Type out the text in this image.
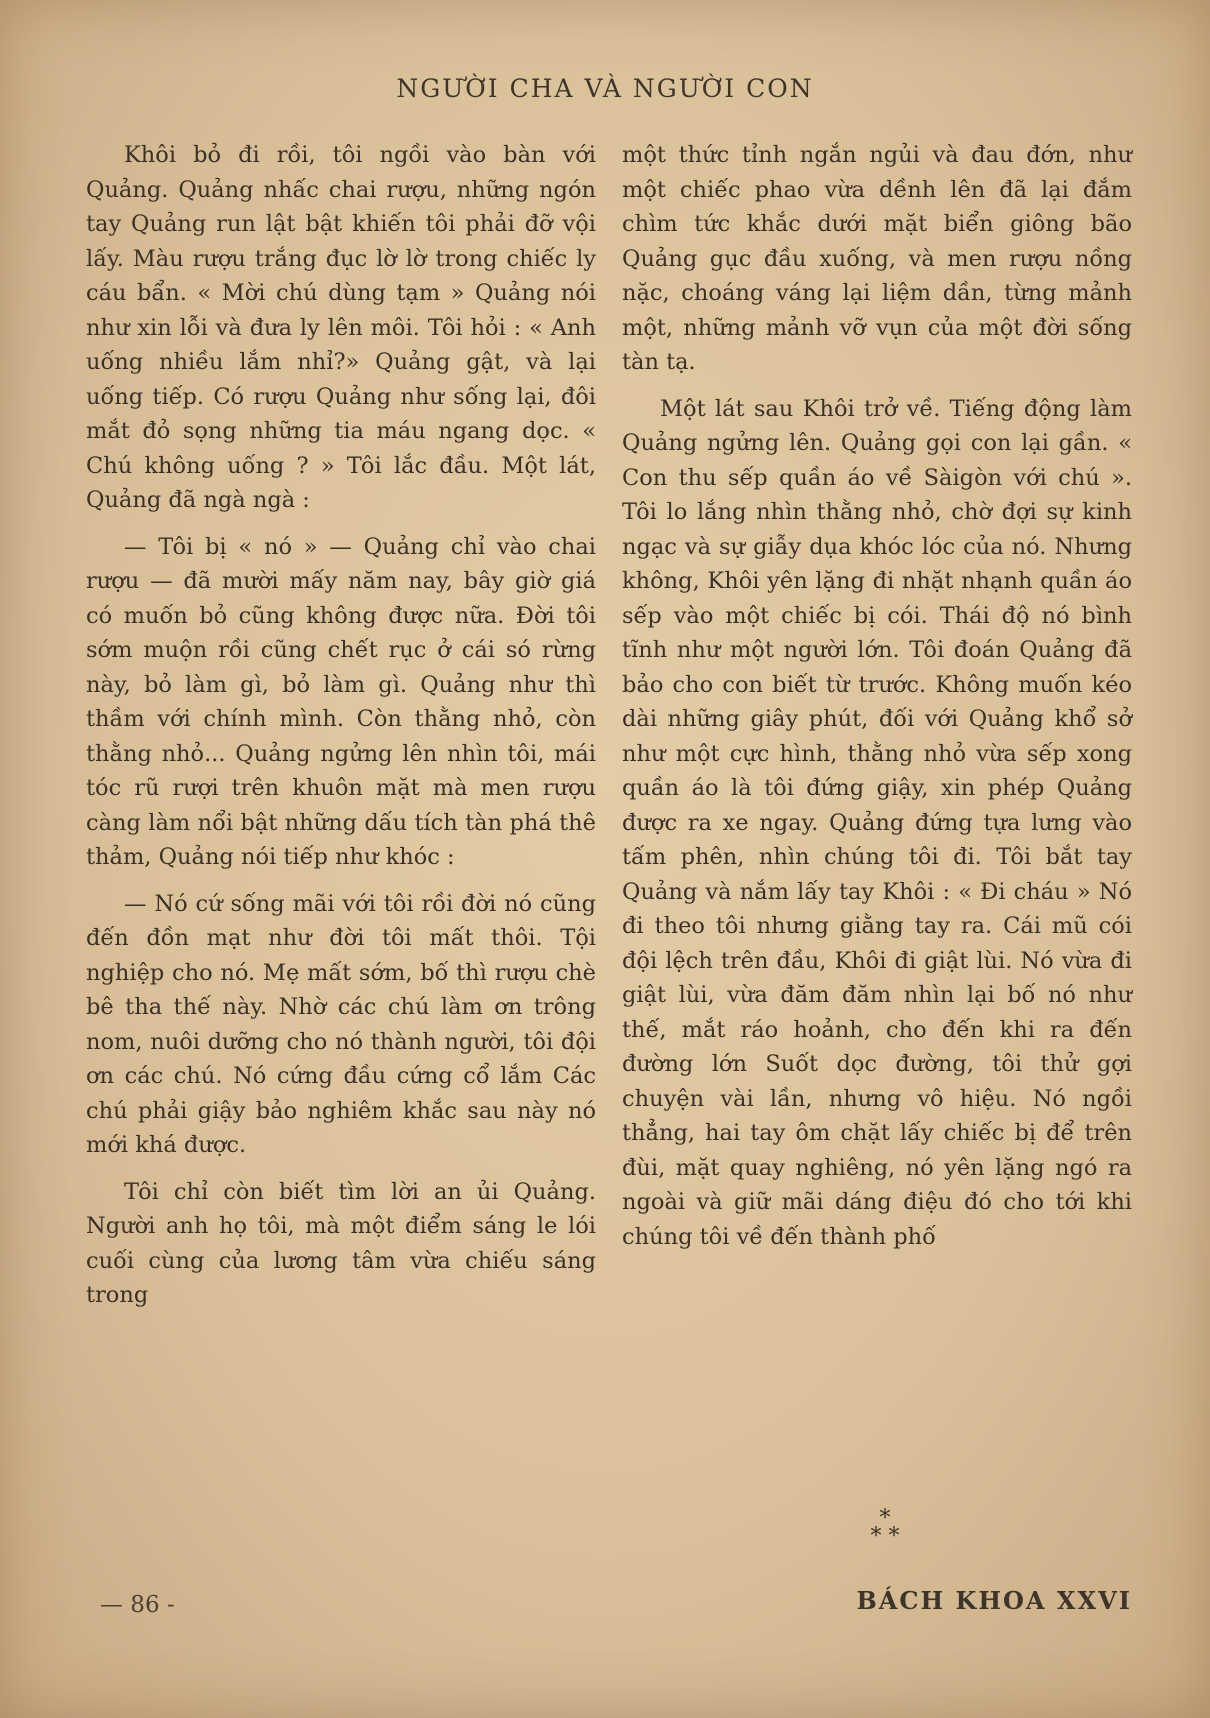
NGƯỜI CHA VÀ NGƯỜI CON

Khôi bỏ đi rồi, tôi ngồi vào bàn với Quảng. Quảng nhấc chai rượu, những ngón tay Quảng run lật bật khiến tôi phải đỡ vội lấy. Màu rượu trắng đục lờ lờ trong chiếc ly cáu bẩn. « Mời chú dùng tạm » Quảng nói như xin lỗi và đưa ly lên môi. Tôi hỏi : « Anh uống nhiều lắm nhỉ?» Quảng gật, và lại uống tiếp. Có rượu Quảng như sống lại, đôi mắt đỏ sọng những tia máu ngang dọc. « Chú không uống ? » Tôi lắc đầu. Một lát, Quảng đã ngà ngà :

— Tôi bị « nó » — Quảng chỉ vào chai rượu — đã mười mấy năm nay, bây giờ giá có muốn bỏ cũng không được nữa. Đời tôi sớm muộn rồi cũng chết rục ở cái só rừng này, bỏ làm gì, bỏ làm gì. Quảng như thì thầm với chính mình. Còn thằng nhỏ, còn thằng nhỏ... Quảng ngửng lên nhìn tôi, mái tóc rũ rượi trên khuôn mặt mà men rượu càng làm nổi bật những dấu tích tàn phá thê thảm, Quảng nói tiếp như khóc :

— Nó cứ sống mãi với tôi rồi đời nó cũng đến đồn mạt như đời tôi mất thôi. Tội nghiệp cho nó. Mẹ mất sớm, bố thì rượu chè bê tha thế này. Nhờ các chú làm ơn trông nom, nuôi dưỡng cho nó thành người, tôi đội ơn các chú. Nó cứng đầu cứng cổ lắm Các chú phải giậy bảo nghiêm khắc sau này nó mới khá được.

Tôi chỉ còn biết tìm lời an ủi Quảng. Người anh họ tôi, mà một điểm sáng le lói cuối cùng của lương tâm vừa chiếu sáng trong

một thức tỉnh ngắn ngủi và đau đớn, như một chiếc phao vừa dềnh lên đã lại đắm chìm tức khắc dưới mặt biển giông bão Quảng gục đầu xuống, và men rượu nồng nặc, choáng váng lại liệm dần, từng mảnh một, những mảnh vỡ vụn của một đời sống tàn tạ.

Một lát sau Khôi trở về. Tiếng động làm Quảng ngửng lên. Quảng gọi con lại gần. « Con thu sếp quần áo về Sàigòn với chú ». Tôi lo lắng nhìn thằng nhỏ, chờ đợi sự kinh ngạc và sự giẫy dụa khóc lóc của nó. Nhưng không, Khôi yên lặng đi nhặt nhạnh quần áo sếp vào một chiếc bị cói. Thái độ nó bình tĩnh như một người lớn. Tôi đoán Quảng đã bảo cho con biết từ trước. Không muốn kéo dài những giây phút, đối với Quảng khổ sở như một cực hình, thằng nhỏ vừa sếp xong quần áo là tôi đứng giậy, xin phép Quảng được ra xe ngay. Quảng đứng tựa lưng vào tấm phên, nhìn chúng tôi đi. Tôi bắt tay Quảng và nắm lấy tay Khôi : « Đi cháu » Nó đi theo tôi nhưng giằng tay ra. Cái mũ cói đội lệch trên đầu, Khôi đi giật lùi. Nó vừa đi giật lùi, vừa đăm đăm nhìn lại bố nó như thế, mắt ráo hoảnh, cho đến khi ra đến đường lớn Suốt dọc đường, tôi thử gợi chuyện vài lần, nhưng vô hiệu. Nó ngồi thẳng, hai tay ôm chặt lấy chiếc bị để trên đùi, mặt quay nghiêng, nó yên lặng ngó ra ngoài và giữ mãi dáng điệu đó cho tới khi chúng tôi về đến thành phố

*
* *
— 86 -	BÁCH KHOA XXVI
